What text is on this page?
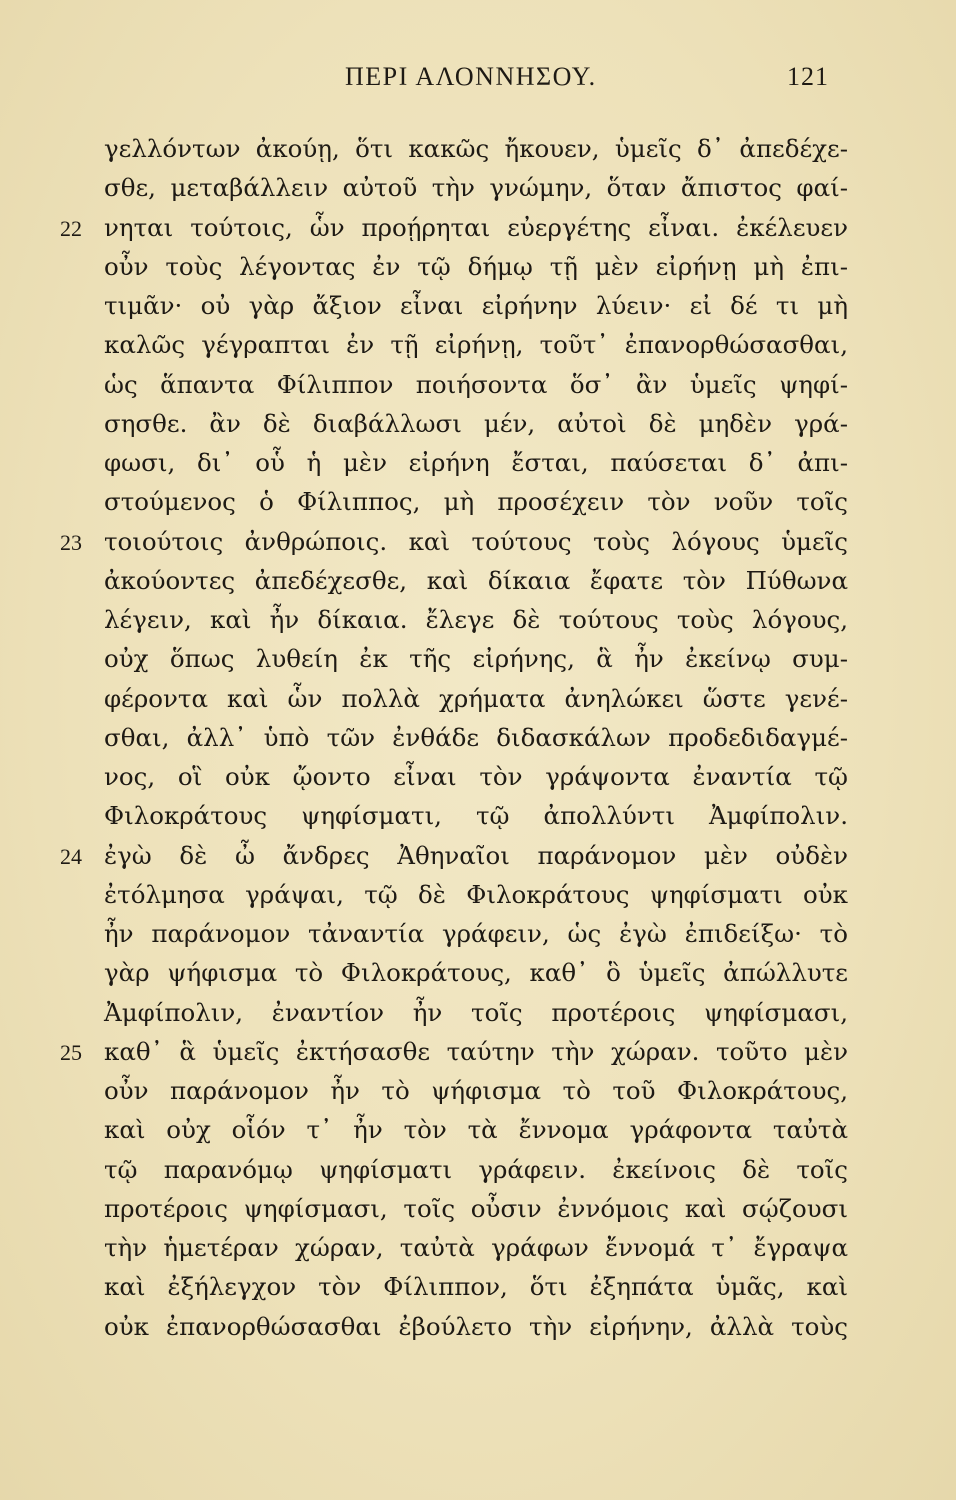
ΠΕΡΙ ΑΛΟΝΝΗΣΟΥ.	121
γελλόντων ἀκούῃ, ὅτι κακῶς ἤκουεν, ὑμεῖς δ᾽ ἀπεδέχε-
σθε, μεταβάλλειν αὐτοῦ τὴν γνώμην, ὅταν ἄπιστος φαί-
22 νηται τούτοις, ὧν προῄρηται εὐεργέτης εἶναι. ἐκέλευεν
οὖν τοὺς λέγοντας ἐν τῷ δήμῳ τῇ μὲν εἰρήνῃ μὴ ἐπι-
τιμᾶν· οὐ γὰρ ἄξιον εἶναι εἰρήνην λύειν· εἰ δέ τι μὴ
καλῶς γέγραπται ἐν τῇ εἰρήνῃ, τοῦτ᾽ ἐπανορθώσασθαι,
ὡς ἅπαντα Φίλιππον ποιήσοντα ὅσ᾽ ἂν ὑμεῖς ψηφί-
σησθε. ἂν δὲ διαβάλλωσι μέν, αὐτοὶ δὲ μηδὲν γρά-
φωσι, δι᾽ οὗ ἡ μὲν εἰρήνη ἔσται, παύσεται δ᾽ ἀπι-
στούμενος ὁ Φίλιππος, μὴ προσέχειν τὸν νοῦν τοῖς
23 τοιούτοις ἀνθρώποις. καὶ τούτους τοὺς λόγους ὑμεῖς
ἀκούοντες ἀπεδέχεσθε, καὶ δίκαια ἔφατε τὸν Πύθωνα
λέγειν, καὶ ἦν δίκαια. ἔλεγε δὲ τούτους τοὺς λόγους,
οὐχ ὅπως λυθείη ἐκ τῆς εἰρήνης, ἃ ἦν ἐκείνῳ συμ-
φέροντα καὶ ὧν πολλὰ χρήματα ἀνηλώκει ὥστε γενέ-
σθαι, ἀλλ᾽ ὑπὸ τῶν ἐνθάδε διδασκάλων προδεδιδαγμέ-
νος, οἳ οὐκ ᾤοντο εἶναι τὸν γράψοντα ἐναντία τῷ
Φιλοκράτους ψηφίσματι, τῷ ἀπολλύντι Ἀμφίπολιν.
24 ἐγὼ δὲ ὦ ἄνδρες Ἀθηναῖοι παράνομον μὲν οὐδὲν
ἐτόλμησα γράψαι, τῷ δὲ Φιλοκράτους ψηφίσματι οὐκ
ἦν παράνομον τἀναντία γράφειν, ὡς ἐγὼ ἐπιδείξω· τὸ
γὰρ ψήφισμα τὸ Φιλοκράτους, καθ᾽ ὃ ὑμεῖς ἀπώλλυτε
Ἀμφίπολιν, ἐναντίον ἦν τοῖς προτέροις ψηφίσμασι,
25 καθ᾽ ἃ ὑμεῖς ἐκτήσασθε ταύτην τὴν χώραν. τοῦτο μὲν
οὖν παράνομον ἦν τὸ ψήφισμα τὸ τοῦ Φιλοκράτους,
καὶ οὐχ οἷόν τ᾽ ἦν τὸν τὰ ἔννομα γράφοντα ταὐτὰ
τῷ παρανόμῳ ψηφίσματι γράφειν. ἐκείνοις δὲ τοῖς
προτέροις ψηφίσμασι, τοῖς οὖσιν ἐννόμοις καὶ σῴζουσι
τὴν ἡμετέραν χώραν, ταὐτὰ γράφων ἔννομά τ᾽ ἔγραψα
καὶ ἐξήλεγχον τὸν Φίλιππον, ὅτι ἐξηπάτα ὑμᾶς, καὶ
οὐκ ἐπανορθώσασθαι ἐβούλετο τὴν εἰρήνην, ἀλλὰ τοὺς
